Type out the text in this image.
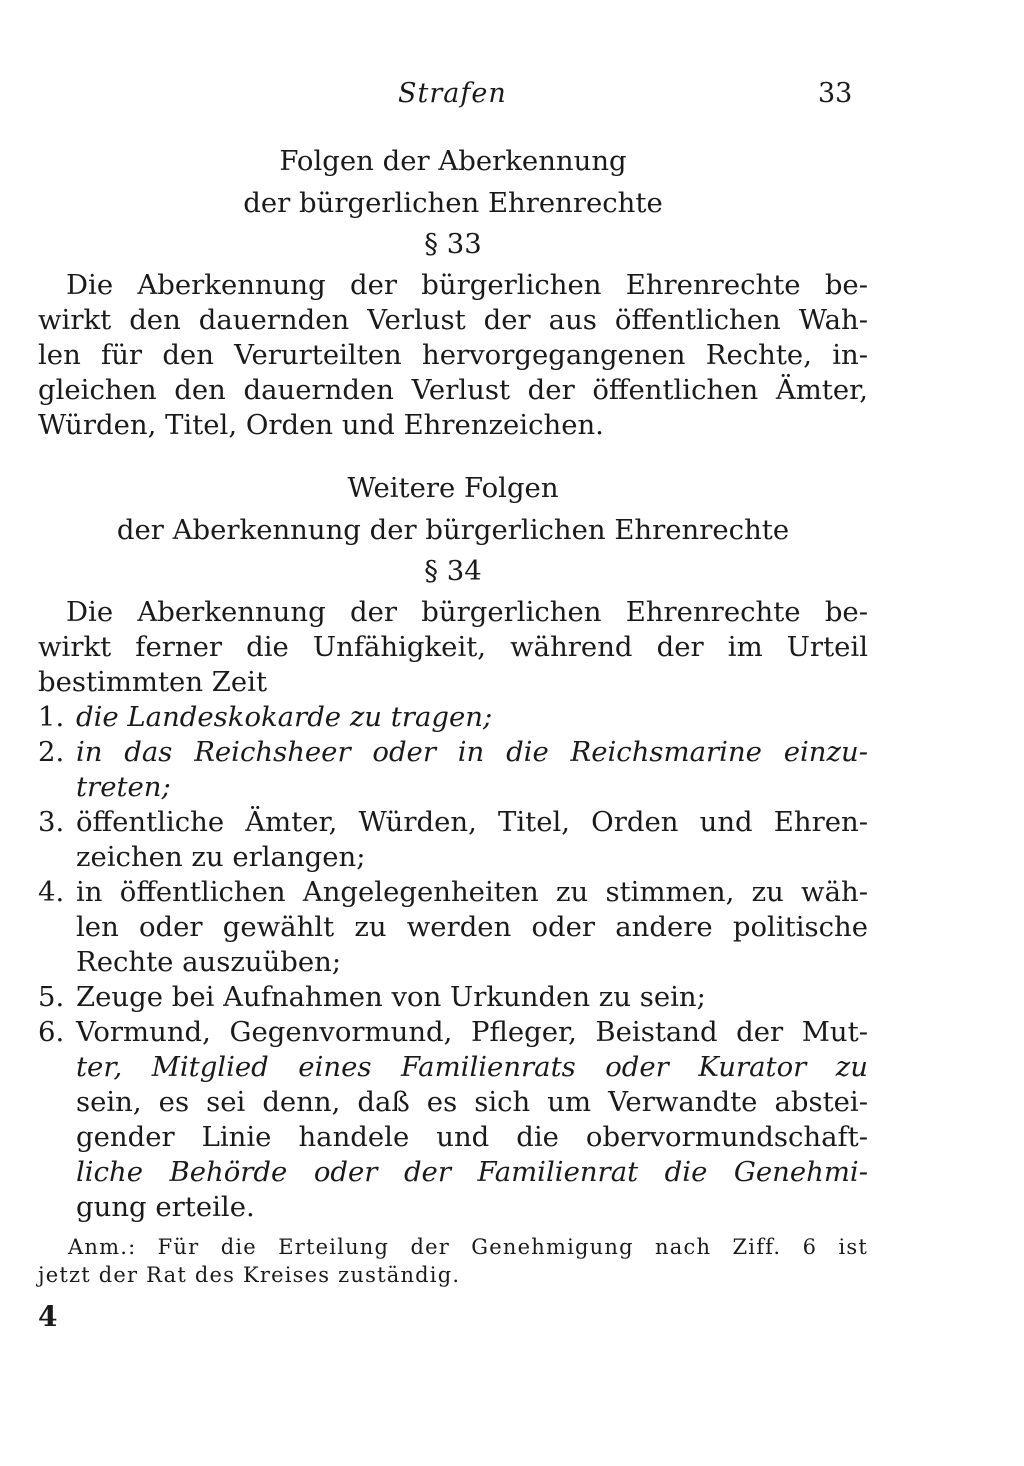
Strafen	33
Folgen der Aberkennung
der bürgerlichen Ehrenrechte
§ 33
Die Aberkennung der bürgerlichen Ehrenrechte be-
wirkt den dauernden Verlust der aus öffentlichen Wah-
len für den Verurteilten hervorgegangenen Rechte, in-
gleichen den dauernden Verlust der öffentlichen Ämter,
Würden, Titel, Orden und Ehrenzeichen.
Weitere Folgen
der Aberkennung der bürgerlichen Ehrenrechte
§ 34
Die Aberkennung der bürgerlichen Ehrenrechte be-
wirkt ferner die Unfähigkeit, während der im Urteil
bestimmten Zeit
1. die Landeskokarde zu tragen;
2. in das Reichsheer oder in die Reichsmarine einzu-
treten;
3. öffentliche Ämter, Würden, Titel, Orden und Ehren-
zeichen zu erlangen;
4. in öffentlichen Angelegenheiten zu stimmen, zu wäh-
len oder gewählt zu werden oder andere politische
Rechte auszuüben;
5. Zeuge bei Aufnahmen von Urkunden zu sein;
6. Vormund, Gegenvormund, Pfleger, Beistand der Mut-
ter, Mitglied eines Familienrats oder Kurator zu
sein, es sei denn, daß es sich um Verwandte abstei-
gender Linie handele und die obervormundschaft-
liche Behörde oder der Familienrat die Genehmi-
gung erteile.
Anm.: Für die Erteilung der Genehmigung nach Ziff. 6 ist
jetzt der Rat des Kreises zuständig.
4
